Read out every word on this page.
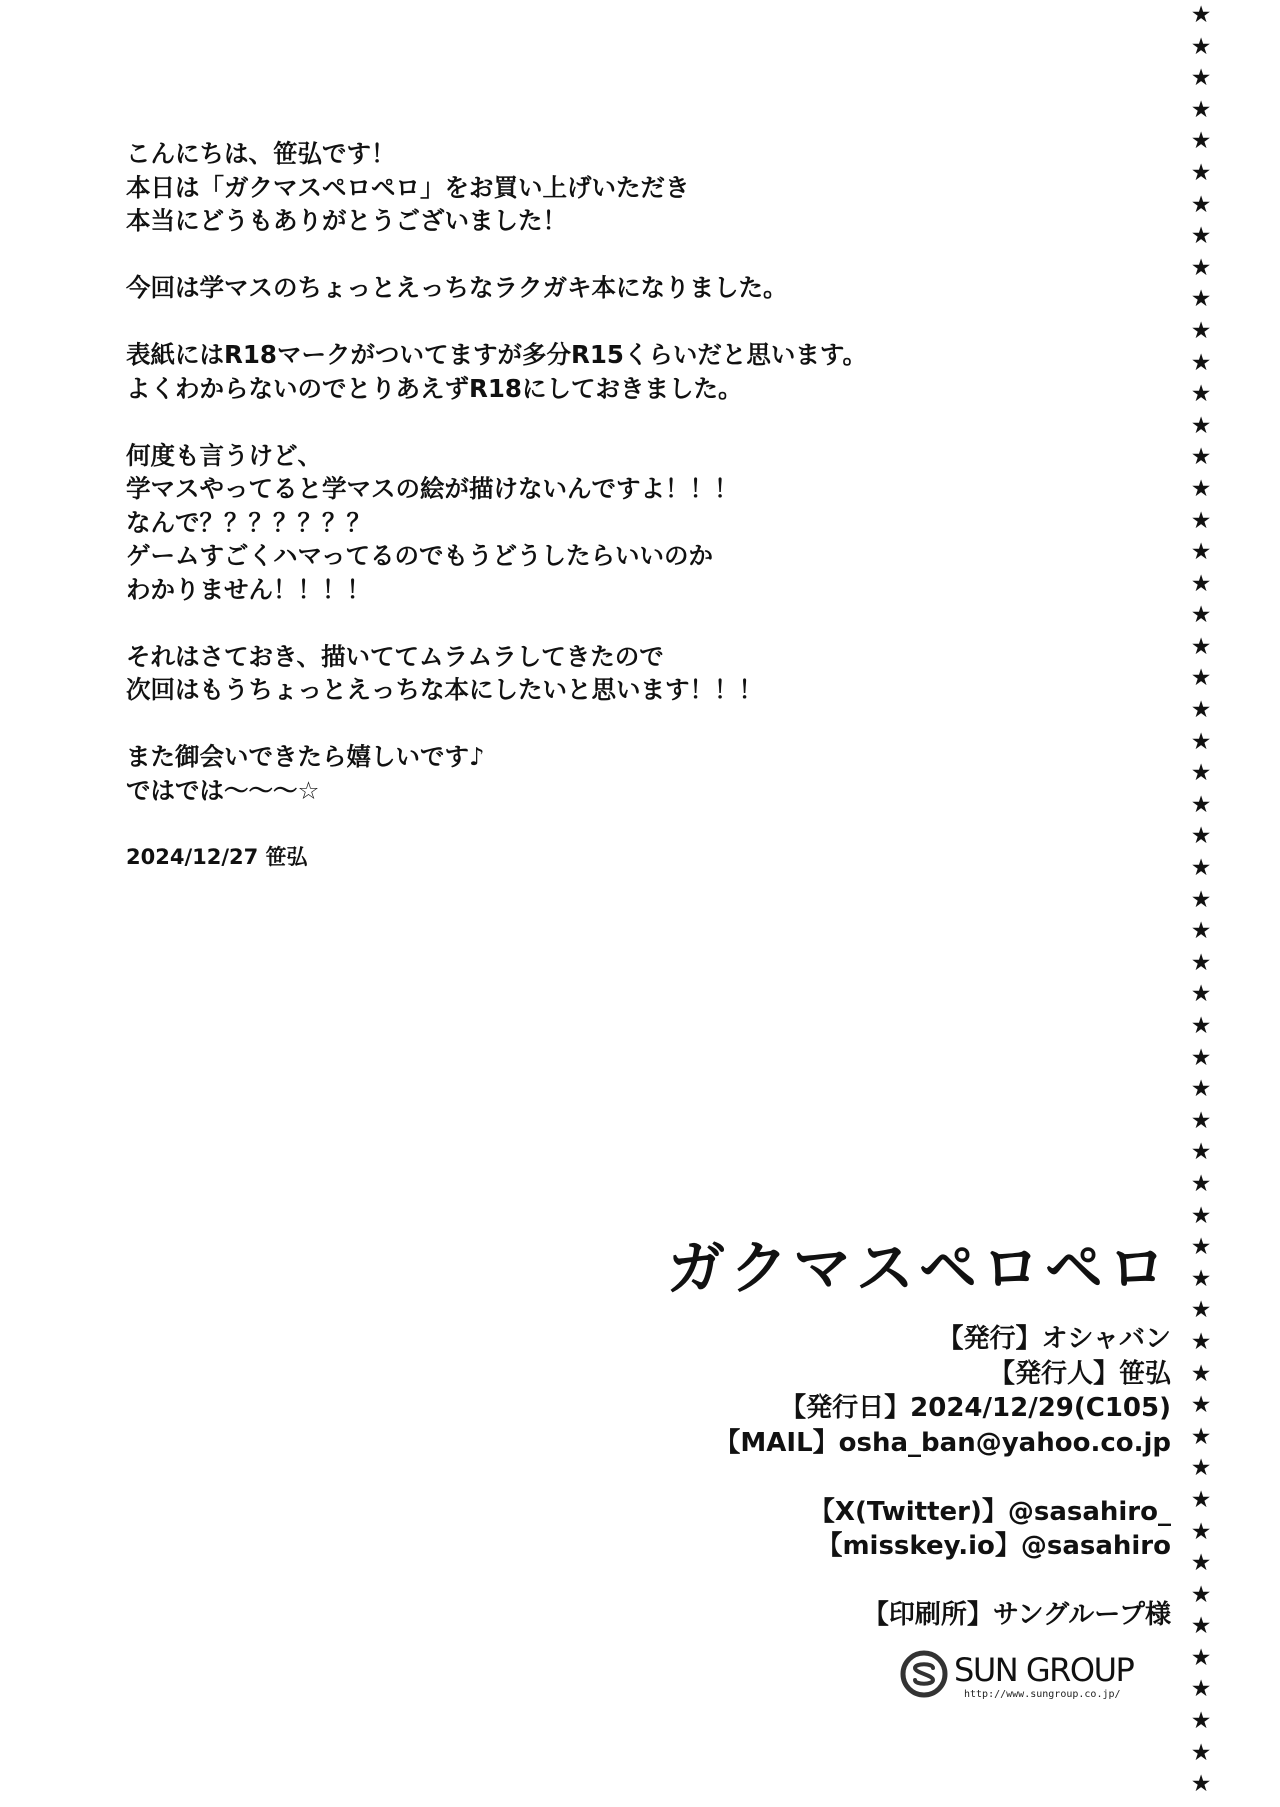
★
★
★
★
★
★
★
★
★
★
★
★
★
★
★
★
★
★
★
★
★
★
★
★
★
★
★
★
★
★
★
★
★
★
★
★
★
★
★
★
★
★
★
★
★
★
★
★
★
★
★
★
★
★
★
★
★

こんにちは、笹弘です！
本日は「ガクマスペロペロ」をお買い上げいただき
本当にどうもありがとうございました！

今回は学マスのちょっとえっちなラクガキ本になりました。

表紙にはR18マークがついてますが多分R15くらいだと思います。
よくわからないのでとりあえずR18にしておきました。

何度も言うけど、
学マスやってると学マスの絵が描けないんですよ！！！
なんで？？？？？？？
ゲームすごくハマってるのでもうどうしたらいいのか
わかりません！！！！

それはさておき、描いててムラムラしてきたので
次回はもうちょっとえっちな本にしたいと思います！！！

また御会いできたら嬉しいです♪
ではでは〜〜〜☆

2024/12/27 笹弘

ガクマスペロペロ
【発行】オシャバン
【発行人】笹弘
【発行日】2024/12/29(C105)
【MAIL】osha_ban@yahoo.co.jp
【X(Twitter)】@sasahiro_
【misskey.io】@sasahiro
【印刷所】サングループ様
SUN GROUP
http://www.sungroup.co.jp/
